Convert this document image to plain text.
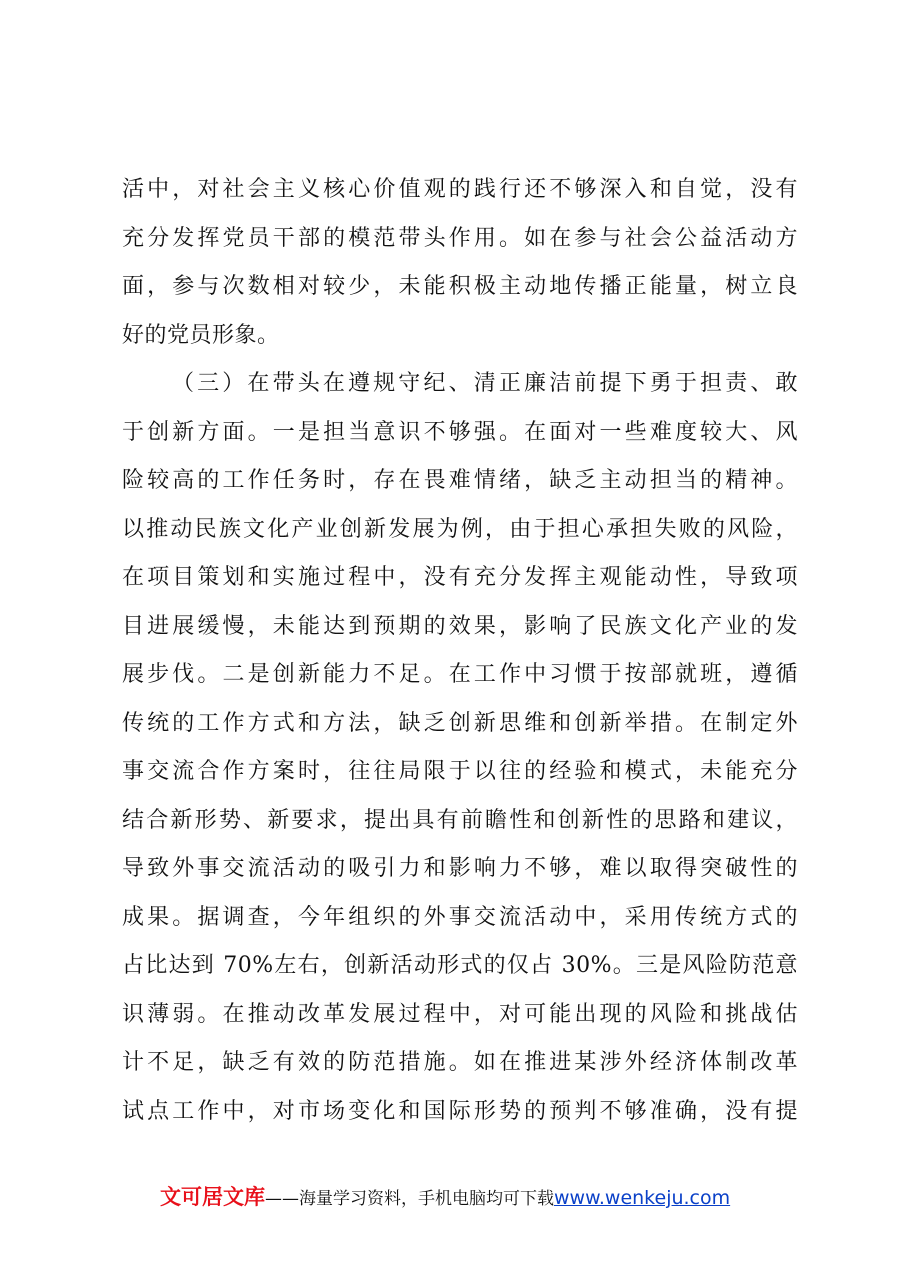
活中，对社会主义核心价值观的践行还不够深入和自觉，没有
充分发挥党员干部的模范带头作用。如在参与社会公益活动方
面，参与次数相对较少，未能积极主动地传播正能量，树立良
好的党员形象。
（三）在带头在遵规守纪、清正廉洁前提下勇于担责、敢
于创新方面。一是担当意识不够强。在面对一些难度较大、风
险较高的工作任务时，存在畏难情绪，缺乏主动担当的精神。
以推动民族文化产业创新发展为例，由于担心承担失败的风险，
在项目策划和实施过程中，没有充分发挥主观能动性，导致项
目进展缓慢，未能达到预期的效果，影响了民族文化产业的发
展步伐。二是创新能力不足。在工作中习惯于按部就班，遵循
传统的工作方式和方法，缺乏创新思维和创新举措。在制定外
事交流合作方案时，往往局限于以往的经验和模式，未能充分
结合新形势、新要求，提出具有前瞻性和创新性的思路和建议，
导致外事交流活动的吸引力和影响力不够，难以取得突破性的
成果。据调查，今年组织的外事交流活动中，采用传统方式的
占比达到 70%左右，创新活动形式的仅占 30%。三是风险防范意
识薄弱。在推动改革发展过程中，对可能出现的风险和挑战估
计不足，缺乏有效的防范措施。如在推进某涉外经济体制改革
试点工作中，对市场变化和国际形势的预判不够准确，没有提
文可居文库——海量学习资料，手机电脑均可下载www.wenkeju.com
